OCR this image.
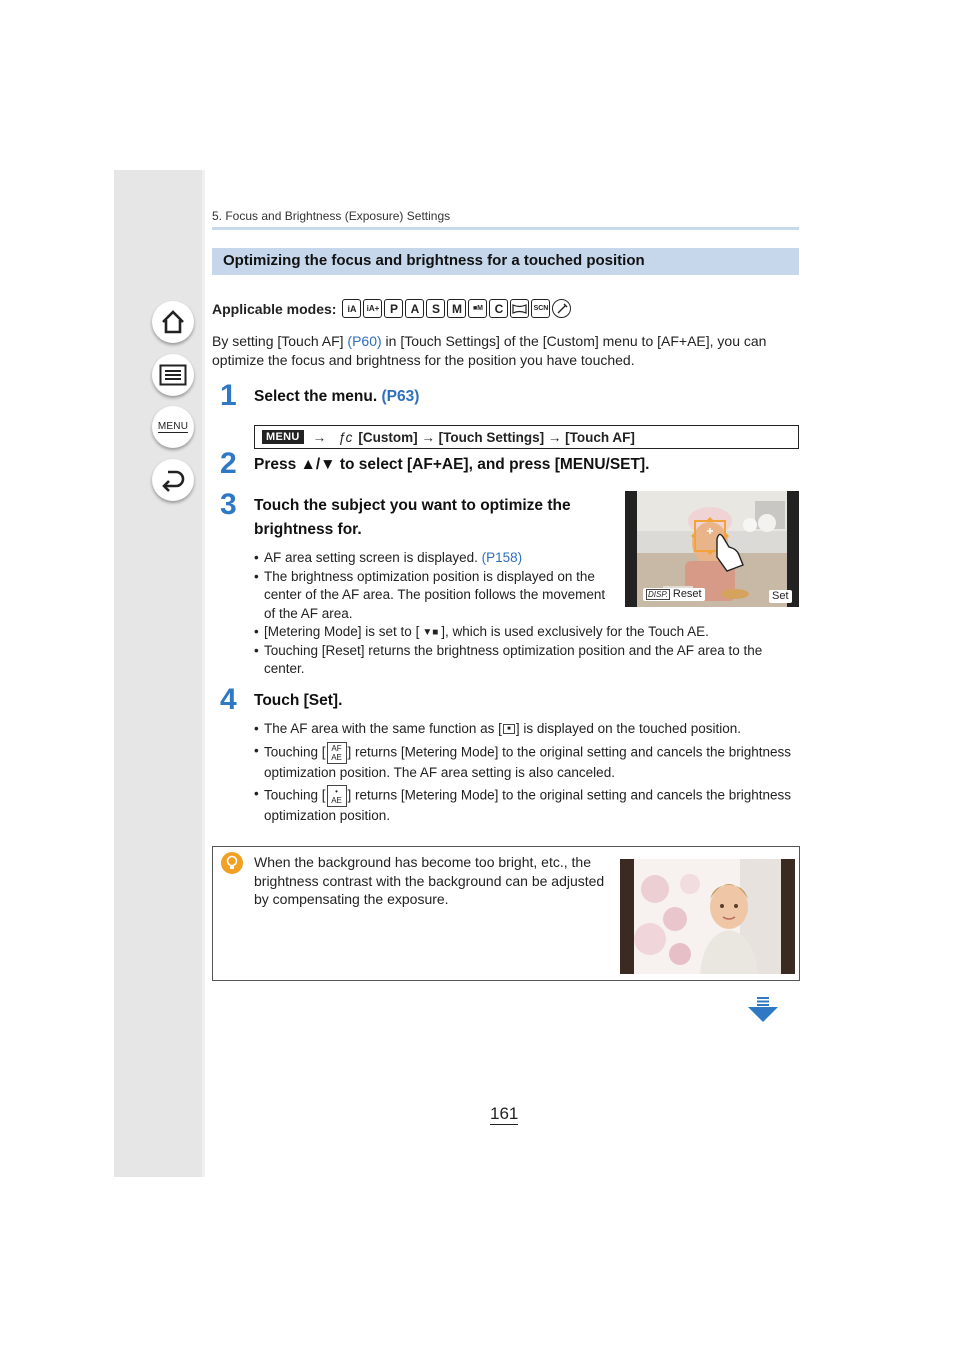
MENU
5. Focus and Brightness (Exposure) Settings
Optimizing the focus and brightness for a touched position
Applicable modes:	iA	iA+ P	A	S	M	■M C	SCN
By setting [Touch AF] (P60) in [Touch Settings] of the [Custom] menu to [AF+AE], you can optimize the focus and brightness for the position you have touched.
1 Select the menu. (P63)
MENU → ƒc [Custom] → [Touch Settings] → [Touch AF]
2 Press ▲/▼ to select [AF+AE], and press [MENU/SET].
3 Touch the subject you want to optimize the brightness for.
• AF area setting screen is displayed. (P158)
• The brightness optimization position is displayed on the center of the AF area. The position follows the movement of the AF area.
• [Metering Mode] is set to [ ▼■ ], which is used exclusively for the Touch AE.
• Touching [Reset] returns the brightness optimization position and the AF area to the center.
DISP. Reset	Set
4 Touch [Set].
• The AF area with the same function as [ ■ ] is displayed on the touched position.
• Touching [ AF
AE ] returns [Metering Mode] to the original setting and cancels the brightness optimization position. The AF area setting is also canceled.
• Touching [ •
AE ] returns [Metering Mode] to the original setting and cancels the brightness optimization position.
When the background has become too bright, etc., the brightness contrast with the background can be adjusted by compensating the exposure.
161
